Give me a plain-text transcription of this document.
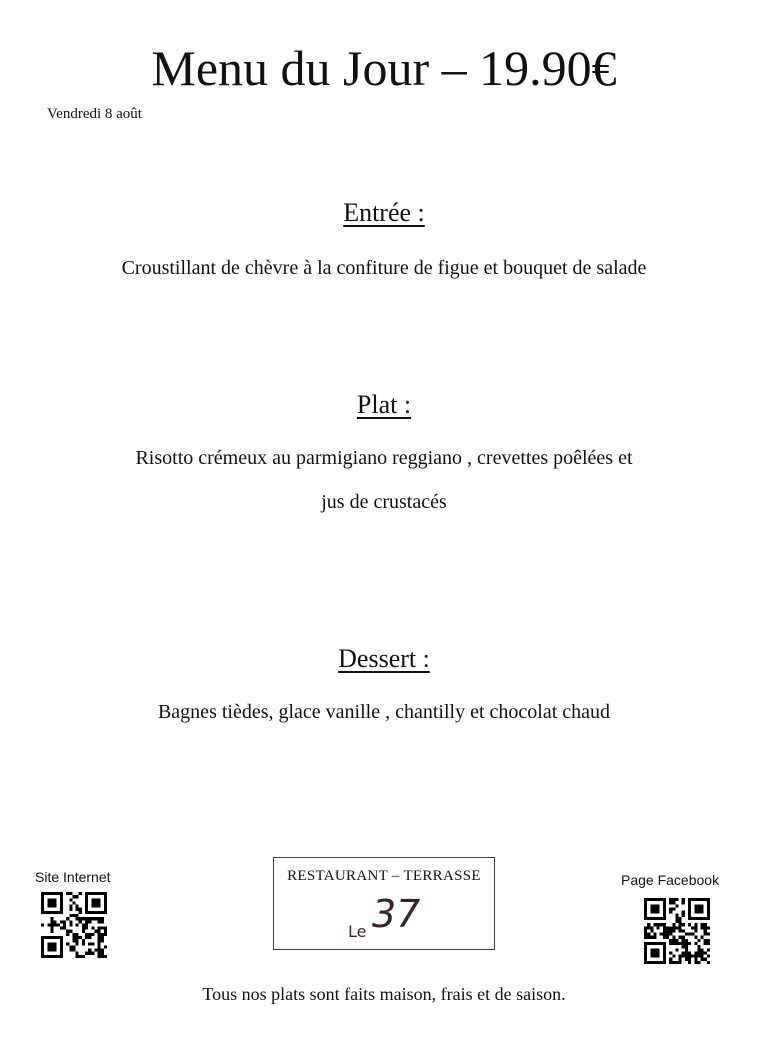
Menu du Jour – 19.90€
Vendredi 8 août
Entrée :
Croustillant de chèvre à la confiture de figue et bouquet de salade
Plat :
Risotto crémeux au parmigiano reggiano , crevettes poêlées et
jus de crustacés
Dessert :
Bagnes tièdes, glace vanille , chantilly et chocolat chaud
Site Internet	RESTAURANT – TERRASSE
Le 37
Page Facebook
Tous nos plats sont faits maison, frais et de saison.
